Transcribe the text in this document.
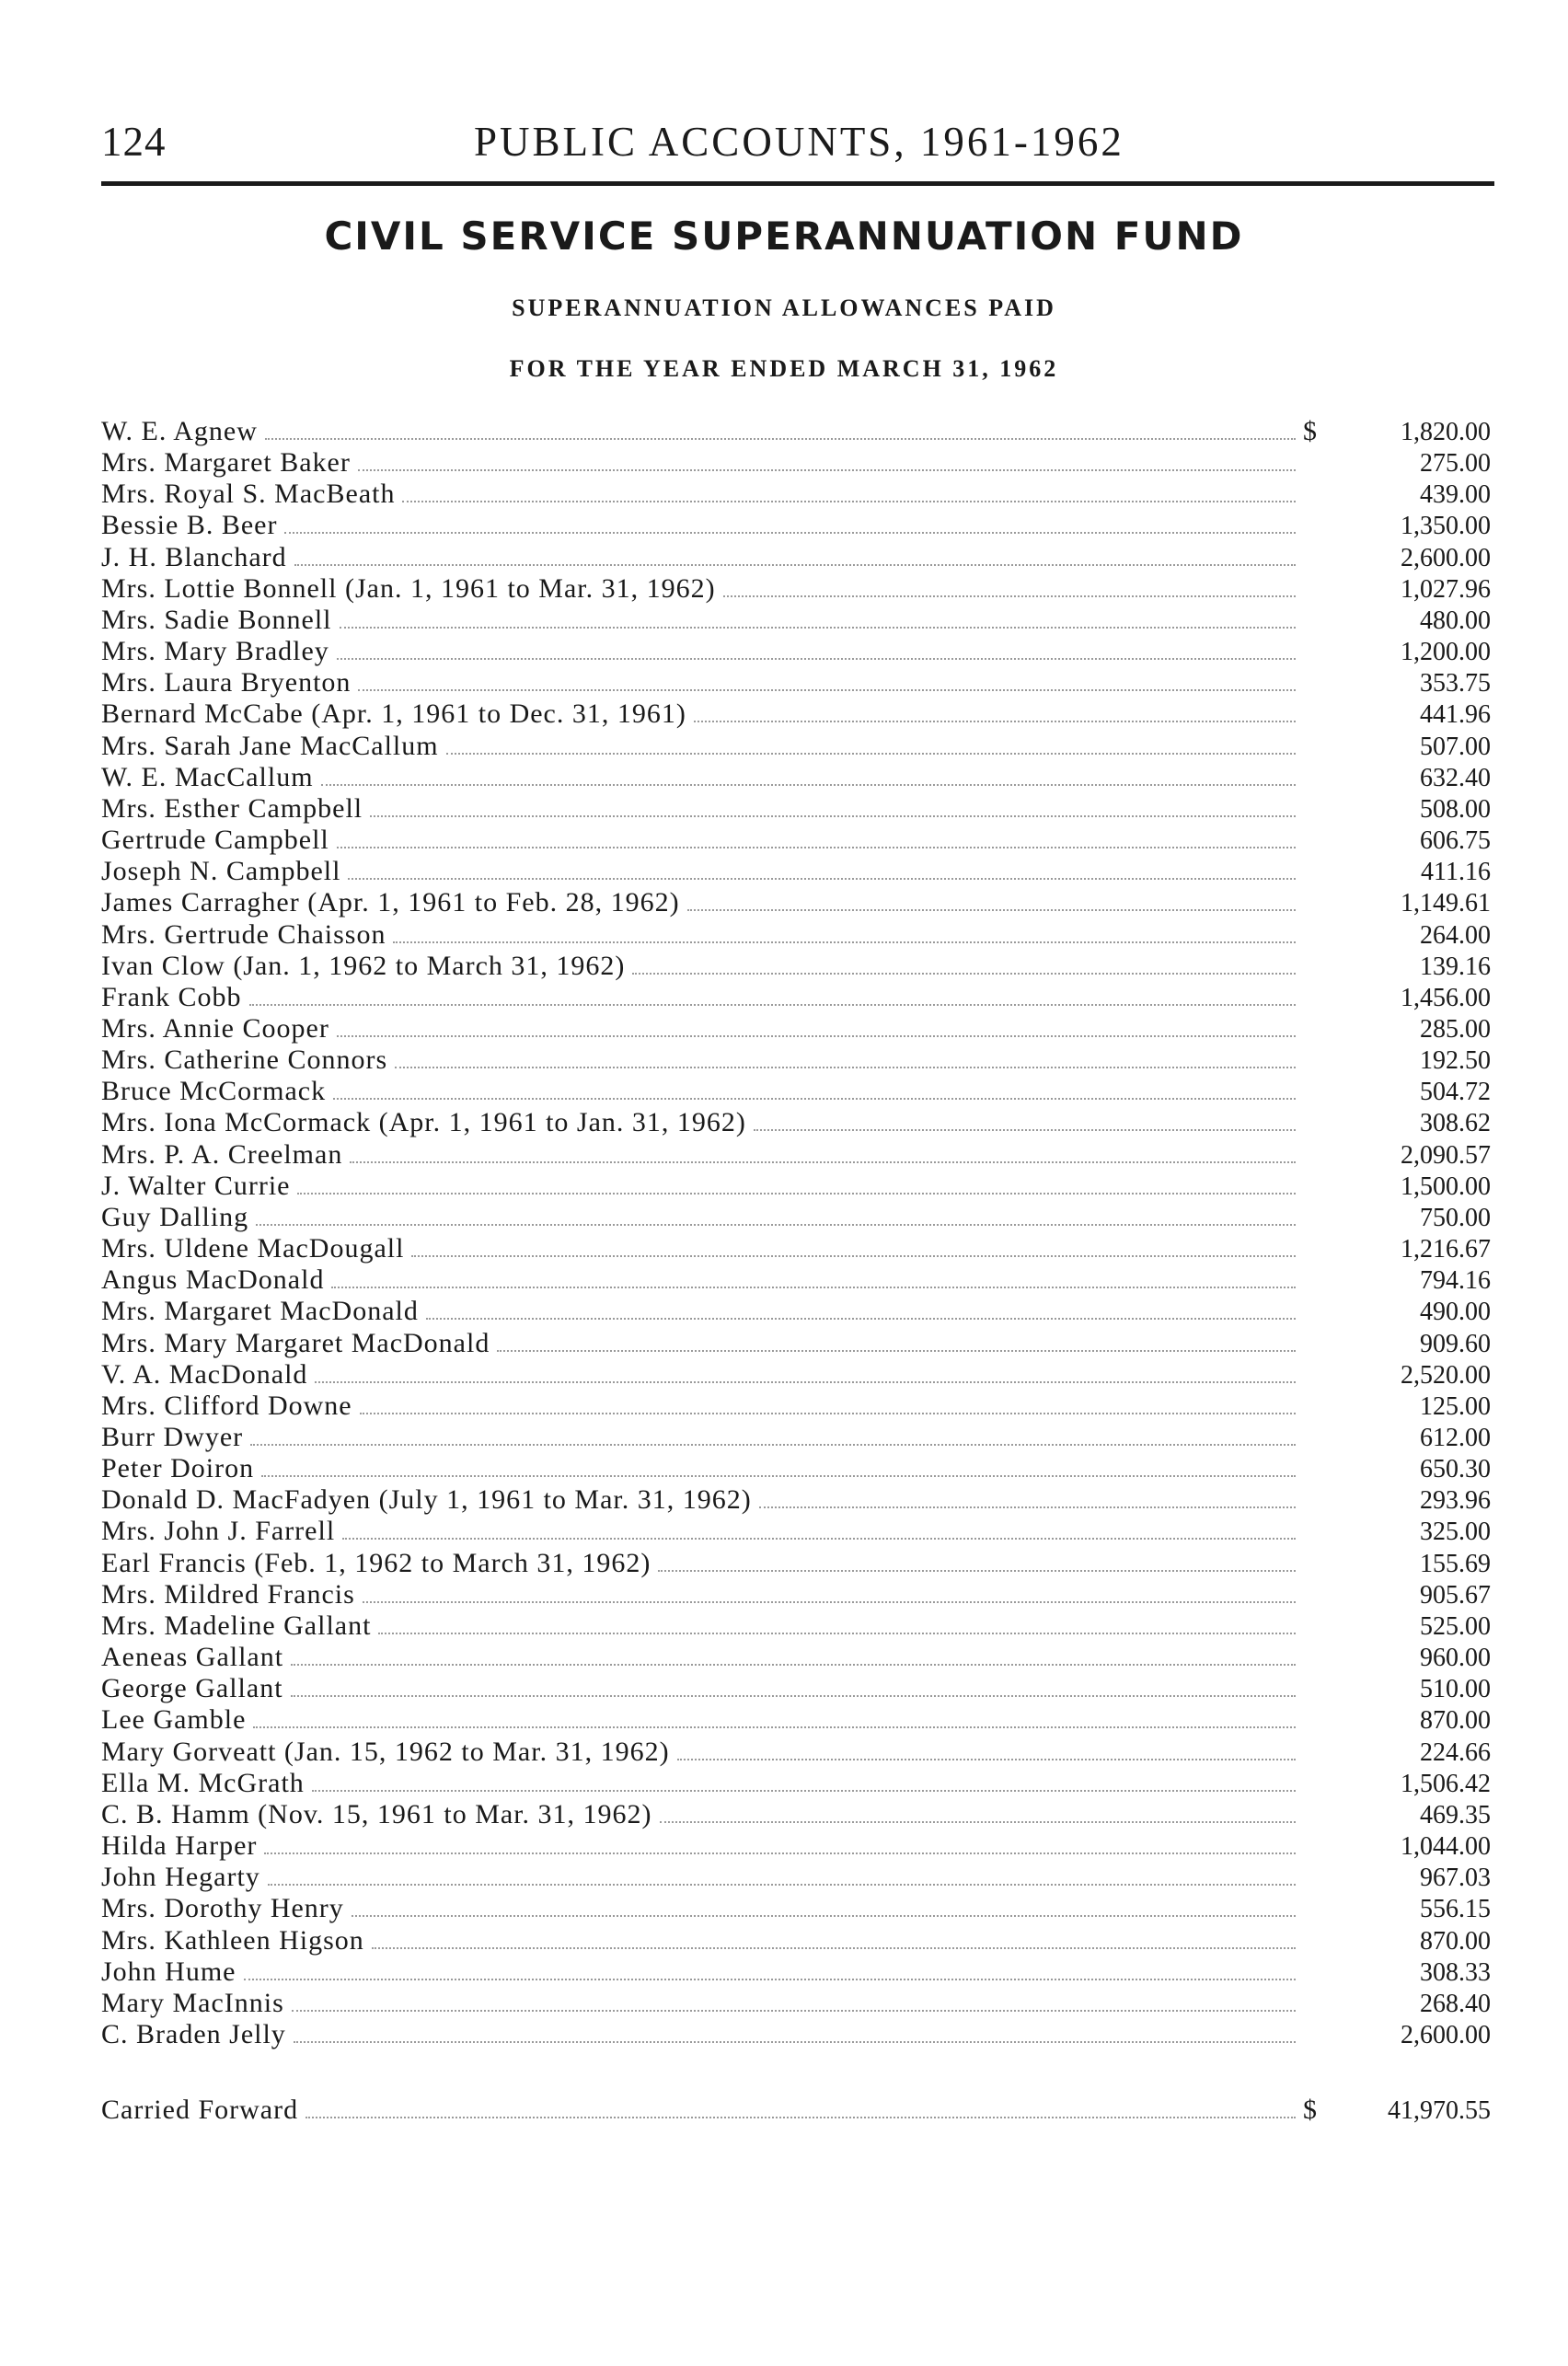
124	PUBLIC ACCOUNTS, 1961-1962
CIVIL SERVICE SUPERANNUATION FUND
SUPERANNUATION ALLOWANCES PAID
FOR THE YEAR ENDED MARCH 31, 1962
W. E. Agnew	$	1,820.00
Mrs. Margaret Baker	275.00
Mrs. Royal S. MacBeath	439.00
Bessie B. Beer	1,350.00
J. H. Blanchard	2,600.00
Mrs. Lottie Bonnell (Jan. 1, 1961 to Mar. 31, 1962)	1,027.96
Mrs. Sadie Bonnell	480.00
Mrs. Mary Bradley	1,200.00
Mrs. Laura Bryenton	353.75
Bernard McCabe (Apr. 1, 1961 to Dec. 31, 1961)	441.96
Mrs. Sarah Jane MacCallum	507.00
W. E. MacCallum	632.40
Mrs. Esther Campbell	508.00
Gertrude Campbell	606.75
Joseph N. Campbell	411.16
James Carragher (Apr. 1, 1961 to Feb. 28, 1962)	1,149.61
Mrs. Gertrude Chaisson	264.00
Ivan Clow (Jan. 1, 1962 to March 31, 1962)	139.16
Frank Cobb	1,456.00
Mrs. Annie Cooper	285.00
Mrs. Catherine Connors	192.50
Bruce McCormack	504.72
Mrs. Iona McCormack (Apr. 1, 1961 to Jan. 31, 1962)	308.62
Mrs. P. A. Creelman	2,090.57
J. Walter Currie	1,500.00
Guy Dalling	750.00
Mrs. Uldene MacDougall	1,216.67
Angus MacDonald	794.16
Mrs. Margaret MacDonald	490.00
Mrs. Mary Margaret MacDonald	909.60
V. A. MacDonald	2,520.00
Mrs. Clifford Downe	125.00
Burr Dwyer	612.00
Peter Doiron	650.30
Donald D. MacFadyen (July 1, 1961 to Mar. 31, 1962)	293.96
Mrs. John J. Farrell	325.00
Earl Francis (Feb. 1, 1962 to March 31, 1962)	155.69
Mrs. Mildred Francis	905.67
Mrs. Madeline Gallant	525.00
Aeneas Gallant	960.00
George Gallant	510.00
Lee Gamble	870.00
Mary Gorveatt (Jan. 15, 1962 to Mar. 31, 1962)	224.66
Ella M. McGrath	1,506.42
C. B. Hamm (Nov. 15, 1961 to Mar. 31, 1962)	469.35
Hilda Harper	1,044.00
John Hegarty	967.03
Mrs. Dorothy Henry	556.15
Mrs. Kathleen Higson	870.00
John Hume	308.33
Mary MacInnis	268.40
C. Braden Jelly	2,600.00
Carried Forward	$	41,970.55
